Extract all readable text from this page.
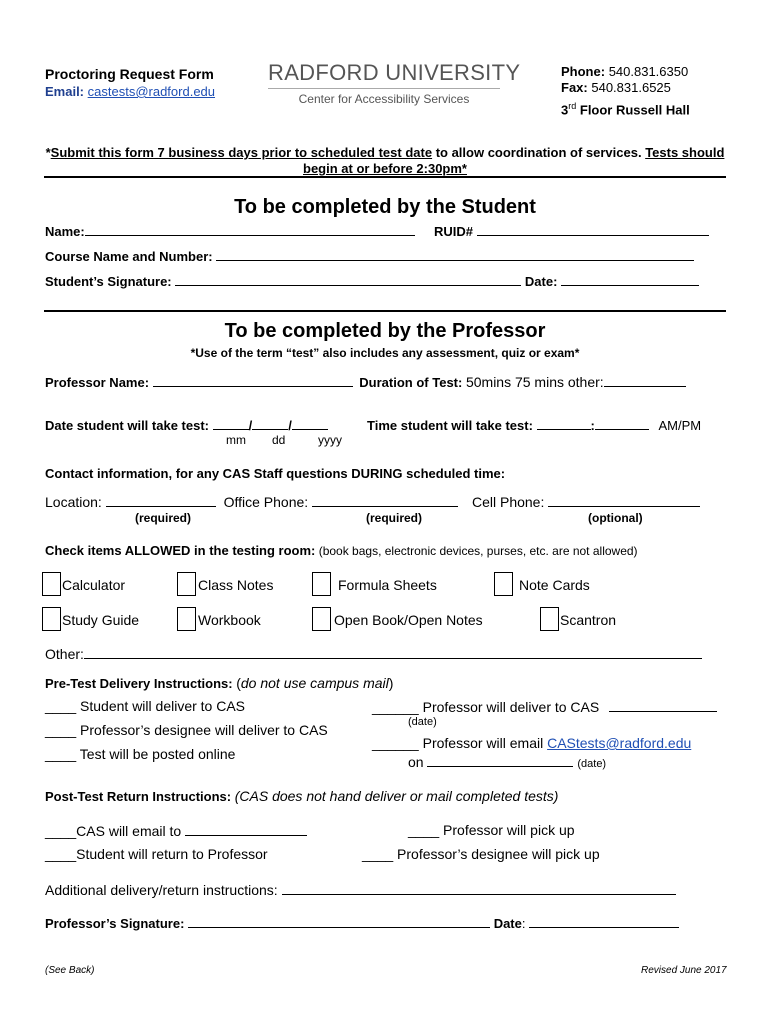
Proctoring Request Form
Email: castests@radford.edu
RADFORD UNIVERSITY
Center for Accessibility Services
Phone: 540.831.6350
Fax: 540.831.6525
3rd Floor Russell Hall
*Submit this form 7 business days prior to scheduled test date to allow coordination of services. Tests should
begin at or before 2:30pm*
To be completed by the Student
Name:	RUID#
Course Name and Number:
Student’s Signature:	Date:
To be completed by the Professor
*Use of the term “test” also includes any assessment, quiz or exam*
Professor Name:	Duration of Test: 50mins 75 mins other:
Date student will take test:	/	/
mm dd	yyyy
Time student will take test:	:	AM/PM
Contact information, for any CAS Staff questions DURING scheduled time:
Location:	Office Phone:	Cell Phone:
(required)	(required)	(optional)
Check items ALLOWED in the testing room: (book bags, electronic devices, purses, etc. are not allowed)
Calculator	Class Notes	Formula Sheets	Note Cards
Study Guide	Workbook	Open Book/Open Notes	Scantron
Other:
Pre-Test Delivery Instructions: (do not use campus mail)
____ Student will deliver to CAS
____ Professor’s designee will deliver to CAS
____ Test will be posted online
______ Professor will deliver to CAS
(date)
______ Professor will email CAStests@radford.edu
on	(date)
Post-Test Return Instructions: (CAS does not hand deliver or mail completed tests)
____CAS will email to
____Student will return to Professor
____ Professor will pick up
____ Professor’s designee will pick up
Additional delivery/return instructions:
Professor’s Signature:	Date:
(See Back)	Revised June 2017
